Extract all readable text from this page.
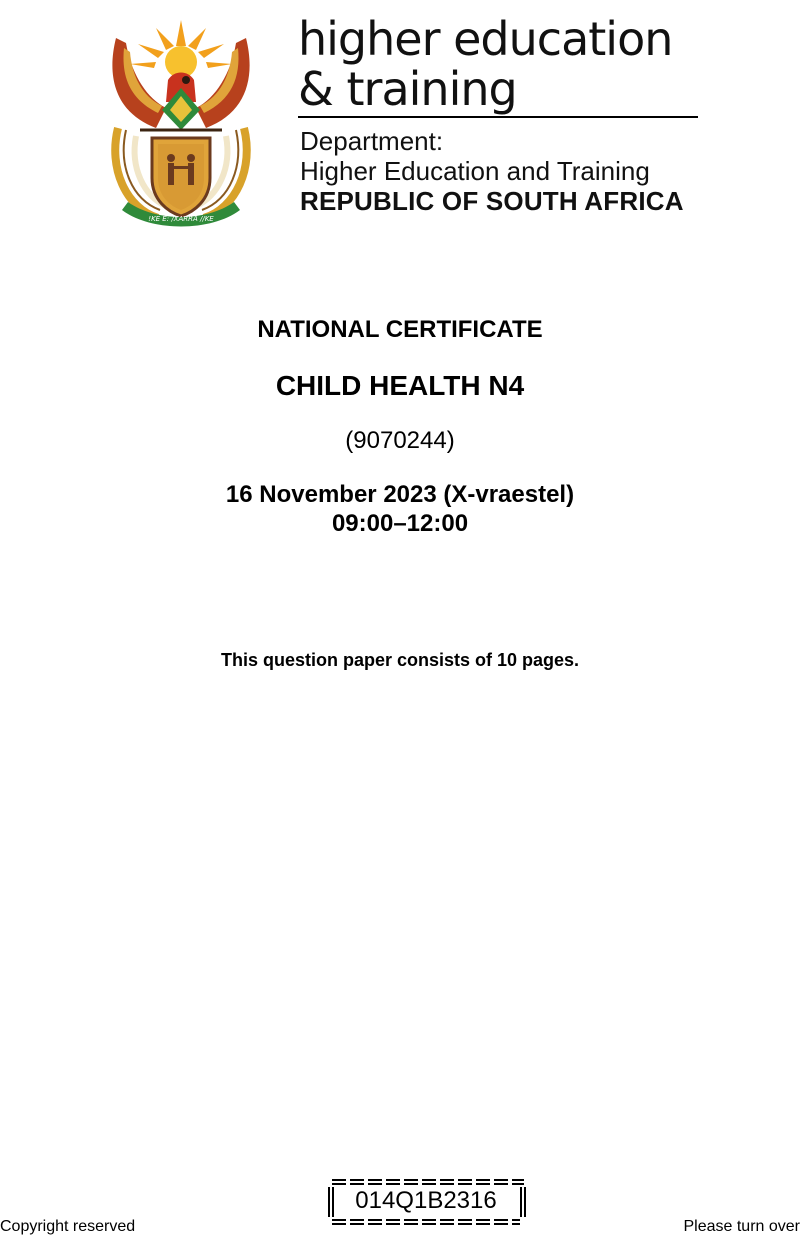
!KE E: /XARRA //KE
higher education
& training
Department:
Higher Education and Training
REPUBLIC OF SOUTH AFRICA
NATIONAL CERTIFICATE
CHILD HEALTH N4
(9070244)
16 November 2023 (X-vraestel)
09:00–12:00
This question paper consists of 10 pages.
Copyright reserved
014Q1B2316
Please turn over
